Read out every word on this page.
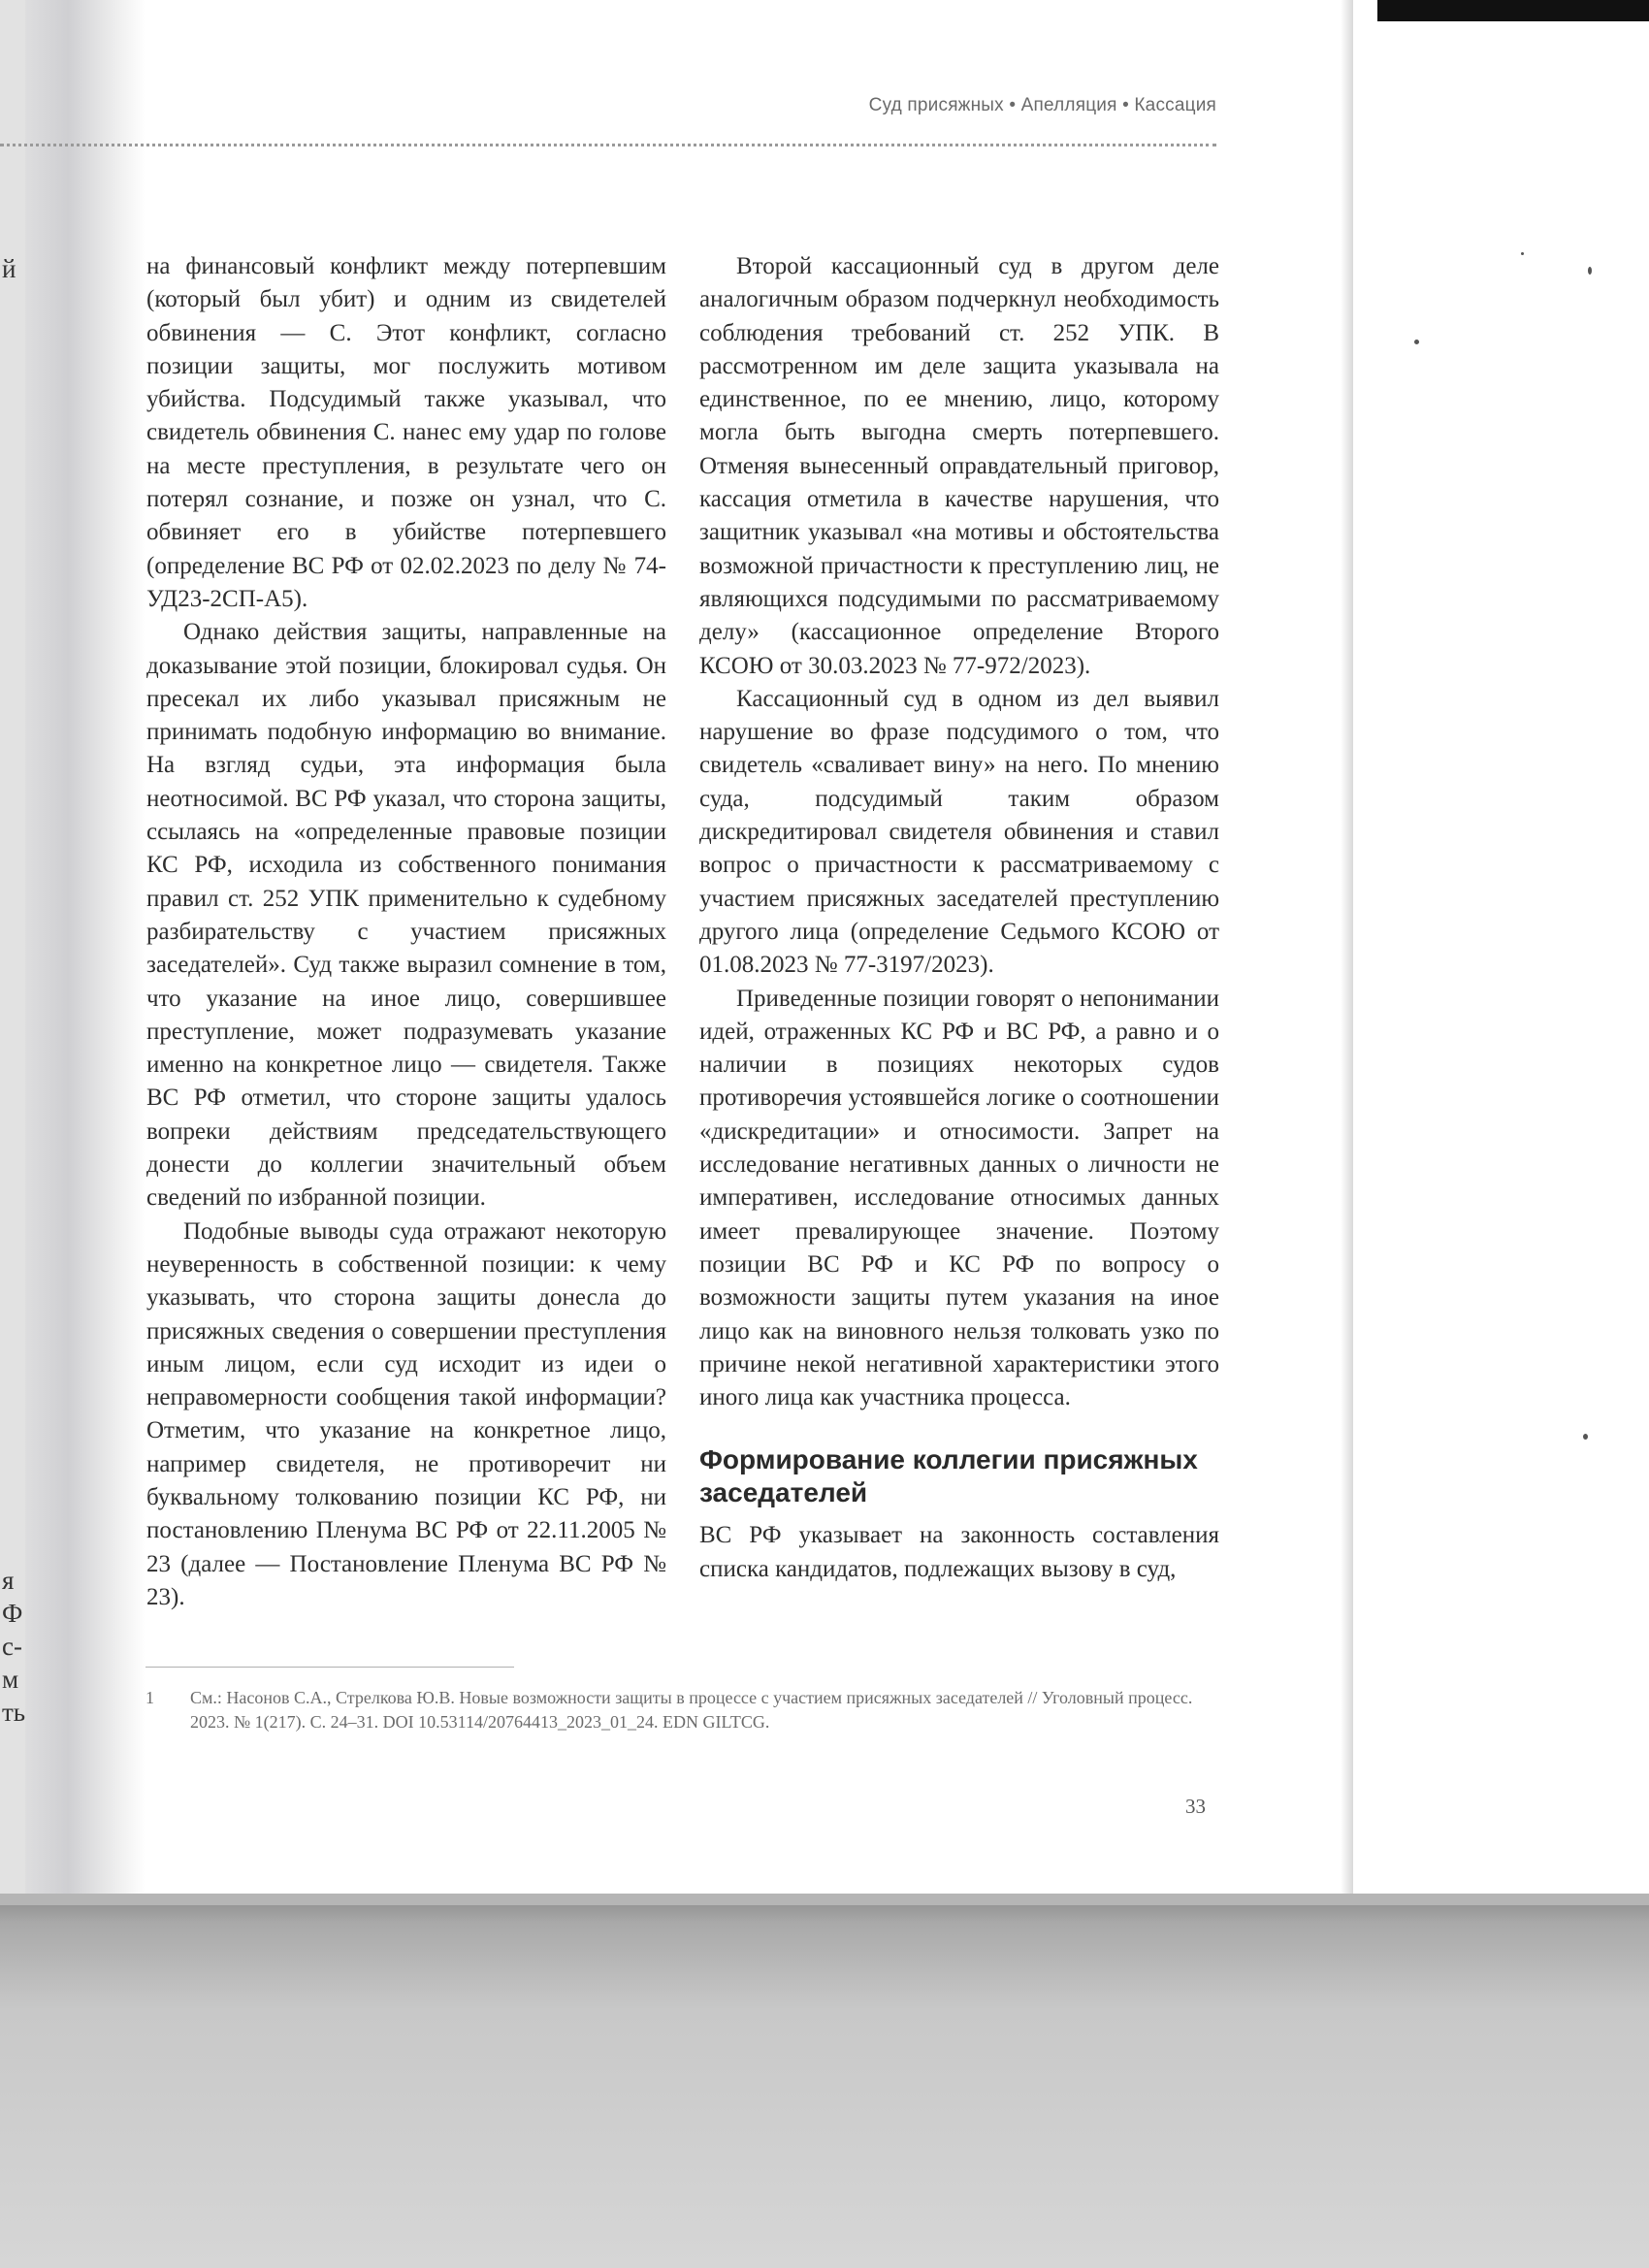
й
я
Ф
с-
м
ть
Суд присяжных • Апелляция • Кассация

на финансовый конфликт между потерпевшим (который был убит) и одним из свидетелей обвинения — С. Этот конфликт, согласно позиции защиты, мог послужить мотивом убийства. Подсудимый также указывал, что свидетель обвинения С. нанес ему удар по голове на месте преступления, в результате чего он потерял сознание, и позже он узнал, что С. обвиняет его в убийстве потерпевшего (определение ВС РФ от 02.02.2023 по делу № 74-УД23-2СП-А5).

Однако действия защиты, направленные на доказывание этой позиции, блокировал судья. Он пресекал их либо указывал присяжным не принимать подобную информацию во внимание. На взгляд судьи, эта информация была неотносимой. ВС РФ указал, что сторона защиты, ссылаясь на «определенные правовые позиции КС РФ, исходила из собственного понимания правил ст. 252 УПК применительно к судебному разбирательству с участием присяжных заседателей». Суд также выразил сомнение в том, что указание на иное лицо, совершившее преступление, может подразумевать указание именно на конкретное лицо — свидетеля. Также ВС РФ отметил, что стороне защиты удалось вопреки действиям председательствующего донести до коллегии значительный объем сведений по избранной позиции.

Подобные выводы суда отражают некоторую неуверенность в собственной позиции: к чему указывать, что сторона защиты донесла до присяжных сведения о совершении преступления иным лицом, если суд исходит из идеи о неправомерности сообщения такой информации? Отметим, что указание на конкретное лицо, например свидетеля, не противоречит ни буквальному толкованию позиции КС РФ, ни постановлению Пленума ВС РФ от 22.11.2005 № 23 (далее — Постановление Пленума ВС РФ № 23).

Второй кассационный суд в другом деле аналогичным образом подчеркнул необходимость соблюдения требований ст. 252 УПК. В рассмотренном им деле защита указывала на единственное, по ее мнению, лицо, которому могла быть выгодна смерть потерпевшего. Отменяя вынесенный оправдательный приговор, кассация отметила в качестве нарушения, что защитник указывал «на мотивы и обстоятельства возможной причастности к преступлению лиц, не являющихся подсудимыми по рассматриваемому делу» (кассационное определение Второго КСОЮ от 30.03.2023 № 77-972/2023).

Кассационный суд в одном из дел выявил нарушение во фразе подсудимого о том, что свидетель «сваливает вину» на него. По мнению суда, подсудимый таким образом дискредитировал свидетеля обвинения и ставил вопрос о причастности к рассматриваемому с участием присяжных заседателей преступлению другого лица (определение Седьмого КСОЮ от 01.08.2023 № 77-3197/2023).

Приведенные позиции говорят о непонимании идей, отраженных КС РФ и ВС РФ, а равно и о наличии в позициях некоторых судов противоречия устоявшейся логике о соотношении «дискредитации» и относимости. Запрет на исследование негативных данных о личности не императивен, исследование относимых данных имеет превалирующее значение. Поэтому позиции ВС РФ и КС РФ по вопросу о возможности защиты путем указания на иное лицо как на виновного нельзя толковать узко по причине некой негативной характеристики этого иного лица как участника процесса.

Формирование коллегии присяжных заседателей

ВС РФ указывает на законность составления списка кандидатов, подлежащих вызову в суд,

1 См.: Насонов С.А., Стрелкова Ю.В. Новые возможности защиты в процессе с участием присяжных заседателей // Уголовный процесс. 2023. № 1(217). С. 24–31. DOI 10.53114/20764413_2023_01_24. EDN GILTCG.
33
